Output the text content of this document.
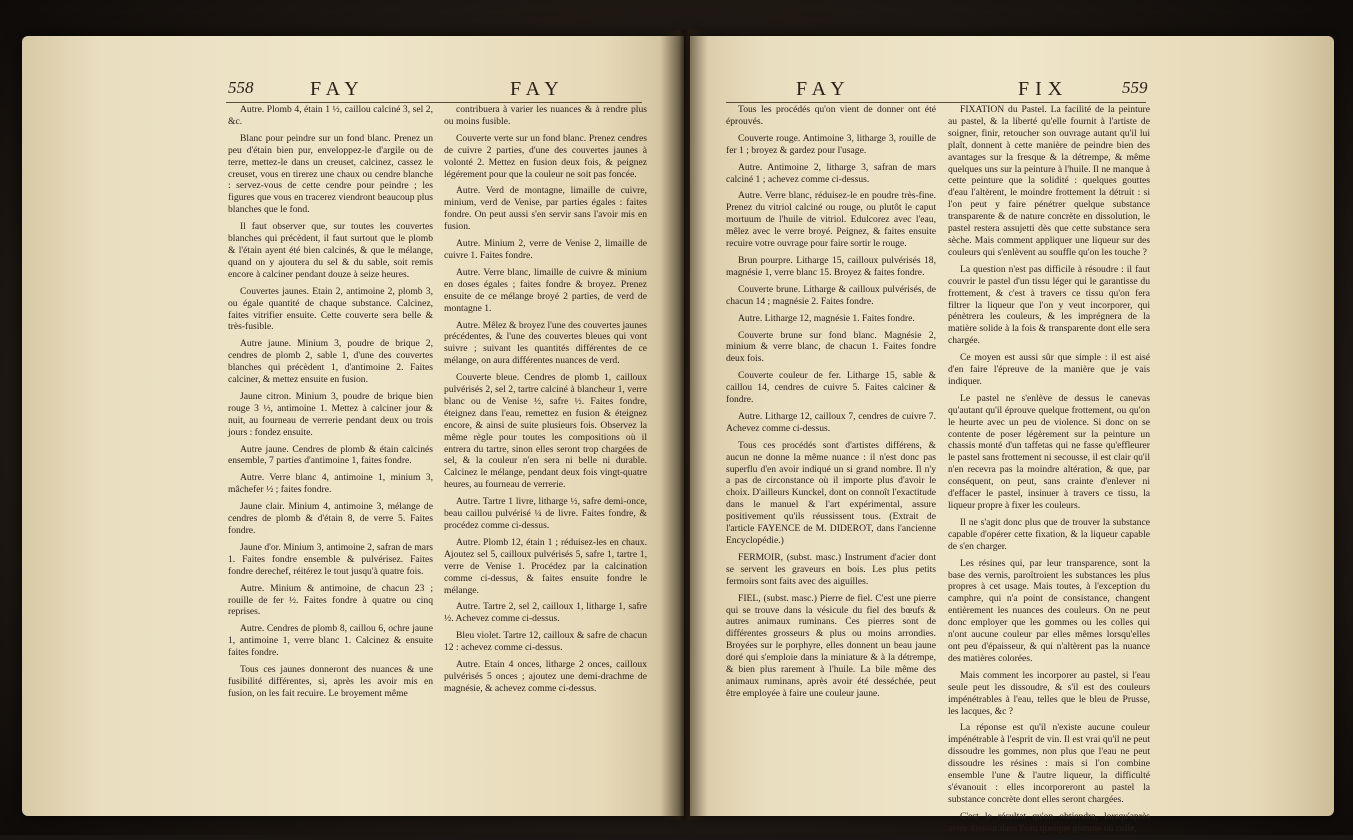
558	FAY	FAY

Autre. Plomb 4, étain 1 ½, caillou calciné 3, sel 2, &c.

Blanc pour peindre sur un fond blanc. Prenez un peu d'étain bien pur, enveloppez-le d'argile ou de terre, mettez-le dans un creuset, calcinez, cassez le creuset, vous en tirerez une chaux ou cendre blanche : servez-vous de cette cendre pour peindre ; les figures que vous en tracerez viendront beaucoup plus blanches que le fond.

Il faut observer que, sur toutes les couvertes blanches qui précèdent, il faut surtout que le plomb & l'étain ayent été bien calcinés, & que le mélange, quand on y ajoutera du sel & du sable, soit remis encore à calciner pendant douze à seize heures.

Couvertes jaunes. Etain 2, antimoine 2, plomb 3, ou égale quantité de chaque substance. Calcinez, faites vitrifier ensuite. Cette couverte sera belle & très-fusible.

Autre jaune. Minium 3, poudre de brique 2, cendres de plomb 2, sable 1, d'une des couvertes blanches qui précèdent 1, d'antimoine 2. Faites calciner, & mettez ensuite en fusion.

Jaune citron. Minium 3, poudre de brique bien rouge 3 ½, antimoine 1. Mettez à calciner jour & nuit, au fourneau de verrerie pendant deux ou trois jours : fondez ensuite.

Autre jaune. Cendres de plomb & étain calcinés ensemble, 7 parties d'antimoine 1, faites fondre.

Autre. Verre blanc 4, antimoine 1, minium 3, mâchefer ½ ; faites fondre.

Jaune clair. Minium 4, antimoine 3, mélange de cendres de plomb & d'étain 8, de verre 5. Faites fondre.

Jaune d'or. Minium 3, antimoine 2, safran de mars 1. Faites fondre ensemble & pulvérisez. Faites fondre derechef, réitérez le tout jusqu'à quatre fois.

Autre. Minium & antimoine, de chacun 23 ; rouille de fer ½. Faites fondre à quatre ou cinq reprises.

Autre. Cendres de plomb 8, caillou 6, ochre jaune 1, antimoine 1, verre blanc 1. Calcinez & ensuite faites fondre.

Tous ces jaunes donneront des nuances & une fusibilité différentes, si, après les avoir mis en fusion, on les fait recuire. Le broyement même

contribuera à varier les nuances & à rendre plus ou moins fusible.

Couverte verte sur un fond blanc. Prenez cendres de cuivre 2 parties, d'une des couvertes jaunes à volonté 2. Mettez en fusion deux fois, & peignez légérement pour que la couleur ne soit pas foncée.

Autre. Verd de montagne, limaille de cuivre, minium, verd de Venise, par parties égales : faites fondre. On peut aussi s'en servir sans l'avoir mis en fusion.

Autre. Minium 2, verre de Venise 2, limaille de cuivre 1. Faites fondre.

Autre. Verre blanc, limaille de cuivre & minium en doses égales ; faites fondre & broyez. Prenez ensuite de ce mélange broyé 2 parties, de verd de montagne 1.

Autre. Mêlez & broyez l'une des couvertes jaunes précédentes, & l'une des couvertes bleues qui vont suivre ; suivant les quantités différentes de ce mélange, on aura différentes nuances de verd.

Couverte bleue. Cendres de plomb 1, cailloux pulvérisés 2, sel 2, tartre calciné à blancheur 1, verre blanc ou de Venise ½, safre ½. Faites fondre, éteignez dans l'eau, remettez en fusion & éteignez encore, & ainsi de suite plusieurs fois. Observez la même règle pour toutes les compositions où il entrera du tartre, sinon elles seront trop chargées de sel, & la couleur n'en sera ni belle ni durable. Calcinez le mélange, pendant deux fois vingt-quatre heures, au fourneau de verrerie.

Autre. Tartre 1 livre, litharge ½, safre demi-once, beau caillou pulvérisé ¼ de livre. Faites fondre, & procédez comme ci-dessus.

Autre. Plomb 12, étain 1 ; réduisez-les en chaux. Ajoutez sel 5, cailloux pulvérisés 5, safre 1, tartre 1, verre de Venise 1. Procédez par la calcination comme ci-dessus, & faites ensuite fondre le mélange.

Autre. Tartre 2, sel 2, cailloux 1, litharge 1, safre ½. Achevez comme ci-dessus.

Bleu violet. Tartre 12, cailloux & safre de chacun 12 : achevez comme ci-dessus.

Autre. Etain 4 onces, litharge 2 onces, cailloux pulvérisés 5 onces ; ajoutez une demi-drachme de magnésie, & achevez comme ci-dessus.

FAY	FIX	559

Tous les procédés qu'on vient de donner ont été éprouvés.

Couverte rouge. Antimoine 3, litharge 3, rouille de fer 1 ; broyez & gardez pour l'usage.

Autre. Antimoine 2, litharge 3, safran de mars calciné 1 ; achevez comme ci-dessus.

Autre. Verre blanc, réduisez-le en poudre très-fine. Prenez du vitriol calciné ou rouge, ou plutôt le caput mortuum de l'huile de vitriol. Edulcorez avec l'eau, mêlez avec le verre broyé. Peignez, & faites ensuite recuire votre ouvrage pour faire sortir le rouge.

Brun pourpre. Litharge 15, cailloux pulvérisés 18, magnésie 1, verre blanc 15. Broyez & faites fondre.

Couverte brune. Litharge & cailloux pulvérisés, de chacun 14 ; magnésie 2. Faites fondre.

Autre. Litharge 12, magnésie 1. Faites fondre.

Couverte brune sur fond blanc. Magnésie 2, minium & verre blanc, de chacun 1. Faites fondre deux fois.

Couverte couleur de fer. Litharge 15, sable & caillou 14, cendres de cuivre 5. Faites calciner & fondre.

Autre. Litharge 12, cailloux 7, cendres de cuivre 7. Achevez comme ci-dessus.

Tous ces procédés sont d'artistes différens, & aucun ne donne la même nuance : il n'est donc pas superflu d'en avoir indiqué un si grand nombre. Il n'y a pas de circonstance où il importe plus d'avoir le choix. D'ailleurs Kunckel, dont on connoît l'exactitude dans le manuel & l'art expérimental, assure positivement qu'ils réussissent tous. (Extrait de l'article FAYENCE de M. DIDEROT, dans l'ancienne Encyclopédie.)

FERMOIR, (subst. masc.) Instrument d'acier dont se servent les graveurs en bois. Les plus petits fermoirs sont faits avec des aiguilles.

FIEL, (subst. masc.) Pierre de fiel. C'est une pierre qui se trouve dans la vésicule du fiel des bœufs & autres animaux ruminans. Ces pierres sont de différentes grosseurs & plus ou moins arrondies. Broyées sur le porphyre, elles donnent un beau jaune doré qui s'emploie dans la miniature & à la détrempe, & bien plus rarement à l'huile. La bile même des animaux ruminans, après avoir été desséchée, peut être employée à faire une couleur jaune.

FIXATION du Pastel. La facilité de la peinture au pastel, & la liberté qu'elle fournit à l'artiste de soigner, finir, retoucher son ouvrage autant qu'il lui plaît, donnent à cette manière de peindre bien des avantages sur la fresque & la détrempe, & même quelques uns sur la peinture à l'huile. Il ne manque à cette peinture que la solidité : quelques gouttes d'eau l'altèrent, le moindre frottement la détruit : si l'on peut y faire pénétrer quelque substance transparente & de nature concrète en dissolution, le pastel restera assujetti dès que cette substance sera sèche. Mais comment appliquer une liqueur sur des couleurs qui s'enlèvent au souffle qu'on les touche ?

La question n'est pas difficile à résoudre : il faut couvrir le pastel d'un tissu léger qui le garantisse du frottement, & c'est à travers ce tissu qu'on fera filtrer la liqueur que l'on y veut incorporer, qui pénètrera les couleurs, & les imprégnera de la matière solide à la fois & transparente dont elle sera chargée.

Ce moyen est aussi sûr que simple : il est aisé d'en faire l'épreuve de la manière que je vais indiquer.

Le pastel ne s'enlève de dessus le canevas qu'autant qu'il éprouve quelque frottement, ou qu'on le heurte avec un peu de violence. Si donc on se contente de poser légèrement sur la peinture un chassis monté d'un taffetas qui ne fasse qu'effleurer le pastel sans frottement ni secousse, il est clair qu'il n'en recevra pas la moindre altération, & que, par conséquent, on peut, sans crainte d'enlever ni d'effacer le pastel, insinuer à travers ce tissu, la liqueur propre à fixer les couleurs.

Il ne s'agit donc plus que de trouver la substance capable d'opérer cette fixation, & la liqueur capable de s'en charger.

Les résines qui, par leur transparence, sont la base des vernis, paroîtroient les substances les plus propres à cet usage. Mais toutes, à l'exception du camphre, qui n'a point de consistance, changent entièrement les nuances des couleurs. On ne peut donc employer que les gommes ou les colles qui n'ont aucune couleur par elles mêmes lorsqu'elles ont peu d'épaisseur, & qui n'altèrent pas la nuance des matières colorées.

Mais comment les incorporer au pastel, si l'eau seule peut les dissoudre, & s'il est des couleurs impénétrables à l'eau, telles que le bleu de Prusse, les lacques, &c ?

La réponse est qu'il n'existe aucune couleur impénétrable à l'esprit de vin. Il est vrai qu'il ne peut dissoudre les gommes, non plus que l'eau ne peut dissoudre les résines : mais si l'on combine ensemble l'une & l'autre liqueur, la difficulté s'évanouit : elles incorporeront au pastel la substance concrète dont elles seront chargées.

C'est le résultat qu'on obtiendra, lorsqu'après avoir dissout dans l'eau quelque gomme ou colle,
